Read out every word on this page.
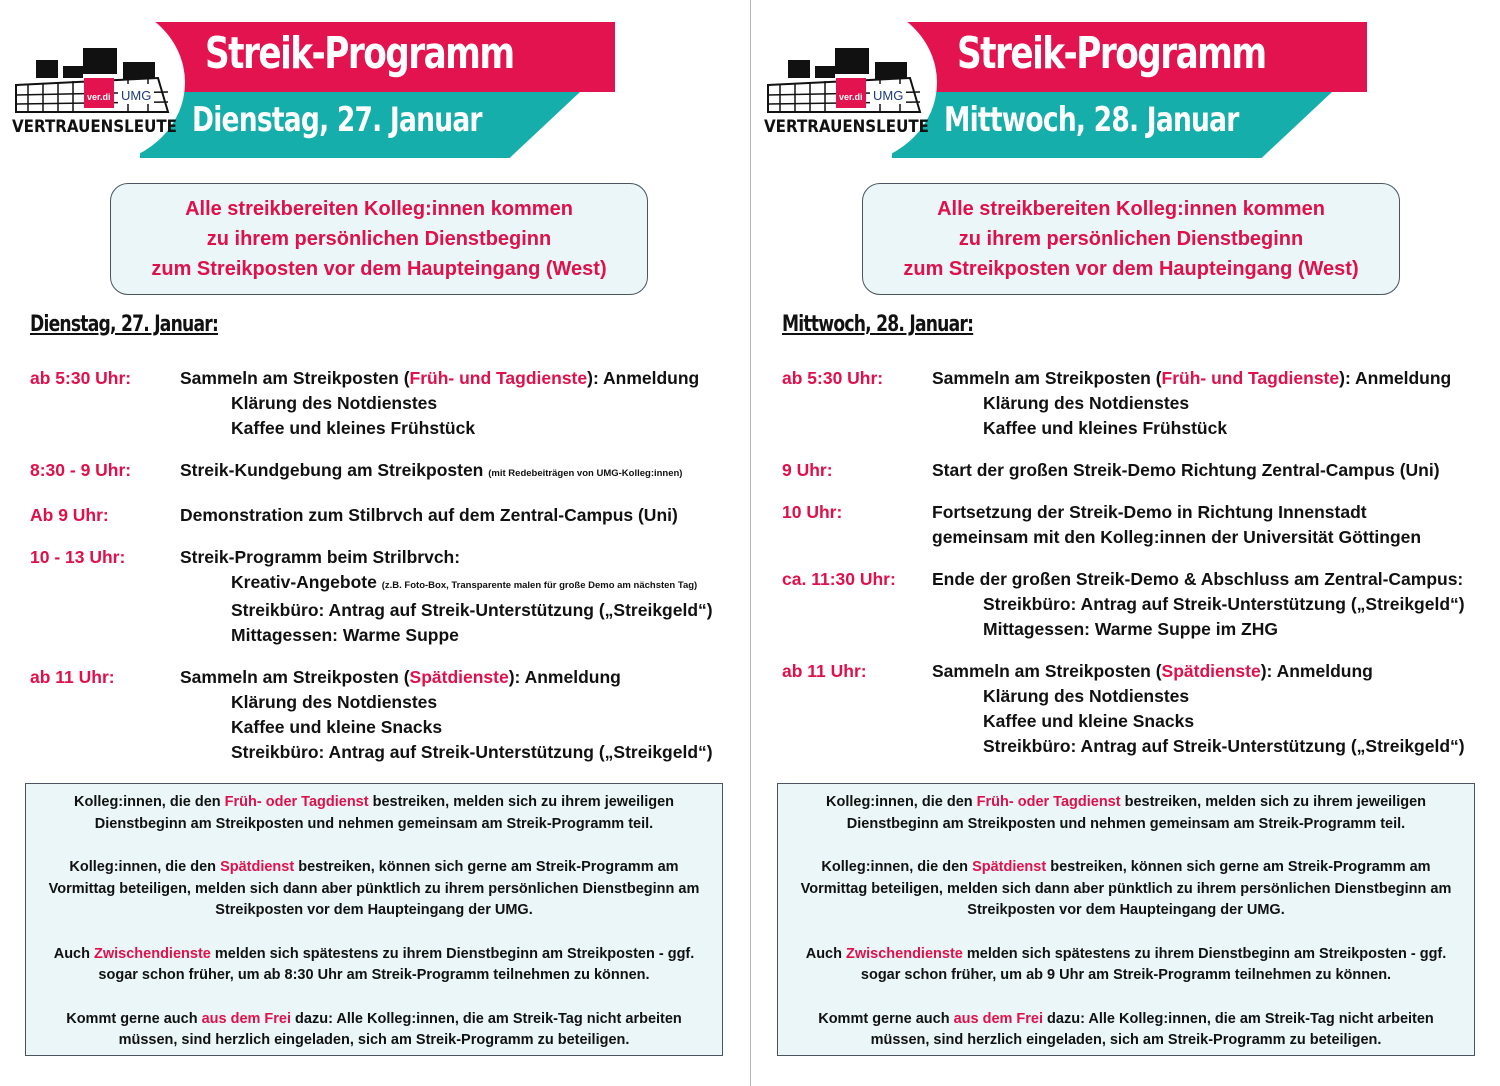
ver.di UMG
VERTRAUENSLEUTE
Streik-Programm
Dienstag, 27. Januar
Alle streikbereiten Kolleg:innen kommen
zu ihrem persönlichen Dienstbeginn
zum Streikposten vor dem Haupteingang (West)
Dienstag, 27. Januar:
ab 5:30 Uhr:	Sammeln am Streikposten (Früh- und Tagdienste): Anmeldung
Klärung des Notdienstes
Kaffee und kleines Frühstück
8:30 - 9 Uhr:	Streik-Kundgebung am Streikposten (mit Redebeiträgen von UMG-Kolleg:innen)
Ab 9 Uhr:	Demonstration zum Stilbrvch auf dem Zentral-Campus (Uni)
10 - 13 Uhr:	Streik-Programm beim Strilbrvch:
Kreativ-Angebote (z.B. Foto-Box, Transparente malen für große Demo am nächsten Tag)
Streikbüro: Antrag auf Streik-Unterstützung („Streikgeld“)
Mittagessen: Warme Suppe
ab 11 Uhr:	Sammeln am Streikposten (Spätdienste): Anmeldung
Klärung des Notdienstes
Kaffee und kleine Snacks
Streikbüro: Antrag auf Streik-Unterstützung („Streikgeld“)

Kolleg:innen, die den Früh- oder Tagdienst bestreiken, melden sich zu ihrem jeweiligen Dienstbeginn am Streikposten und nehmen gemeinsam am Streik-Programm teil.

Kolleg:innen, die den Spätdienst bestreiken, können sich gerne am Streik-Programm am Vormittag beteiligen, melden sich dann aber pünktlich zu ihrem persönlichen Dienstbeginn am Streikposten vor dem Haupteingang der UMG.

Auch Zwischendienste melden sich spätestens zu ihrem Dienstbeginn am Streikposten - ggf. sogar schon früher, um ab 8:30 Uhr am Streik-Programm teilnehmen zu können.

Kommt gerne auch aus dem Frei dazu: Alle Kolleg:innen, die am Streik-Tag nicht arbeiten müssen, sind herzlich eingeladen, sich am Streik-Programm zu beteiligen.

ver.di UMG
VERTRAUENSLEUTE
Streik-Programm
Mittwoch, 28. Januar
Alle streikbereiten Kolleg:innen kommen
zu ihrem persönlichen Dienstbeginn
zum Streikposten vor dem Haupteingang (West)
Mittwoch, 28. Januar:
ab 5:30 Uhr:	Sammeln am Streikposten (Früh- und Tagdienste): Anmeldung
Klärung des Notdienstes
Kaffee und kleines Frühstück
9 Uhr:	Start der großen Streik-Demo Richtung Zentral-Campus (Uni)
10 Uhr:	Fortsetzung der Streik-Demo in Richtung Innenstadt
gemeinsam mit den Kolleg:innen der Universität Göttingen
ca. 11:30 Uhr:	Ende der großen Streik-Demo & Abschluss am Zentral-Campus:
Streikbüro: Antrag auf Streik-Unterstützung („Streikgeld“)
Mittagessen: Warme Suppe im ZHG
ab 11 Uhr:	Sammeln am Streikposten (Spätdienste): Anmeldung
Klärung des Notdienstes
Kaffee und kleine Snacks
Streikbüro: Antrag auf Streik-Unterstützung („Streikgeld“)

Kolleg:innen, die den Früh- oder Tagdienst bestreiken, melden sich zu ihrem jeweiligen Dienstbeginn am Streikposten und nehmen gemeinsam am Streik-Programm teil.

Kolleg:innen, die den Spätdienst bestreiken, können sich gerne am Streik-Programm am Vormittag beteiligen, melden sich dann aber pünktlich zu ihrem persönlichen Dienstbeginn am Streikposten vor dem Haupteingang der UMG.

Auch Zwischendienste melden sich spätestens zu ihrem Dienstbeginn am Streikposten - ggf. sogar schon früher, um ab 9 Uhr am Streik-Programm teilnehmen zu können.

Kommt gerne auch aus dem Frei dazu: Alle Kolleg:innen, die am Streik-Tag nicht arbeiten müssen, sind herzlich eingeladen, sich am Streik-Programm zu beteiligen.
